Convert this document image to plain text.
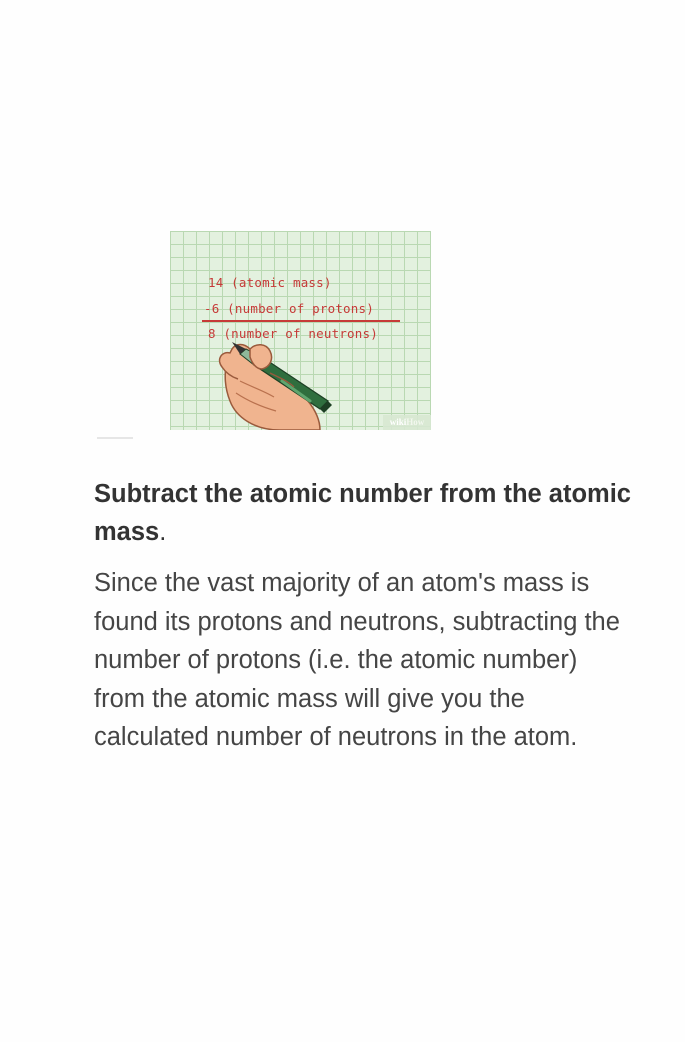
14 (atomic mass)
-6 (number of protons)
8 (number of neutrons)
wikiHow

Subtract the atomic number from the atomic mass.

Since the vast majority of an atom's mass is found its protons and neutrons, subtracting the number of protons (i.e. the atomic number) from the atomic mass will give you the calculated number of neutrons in the atom.
